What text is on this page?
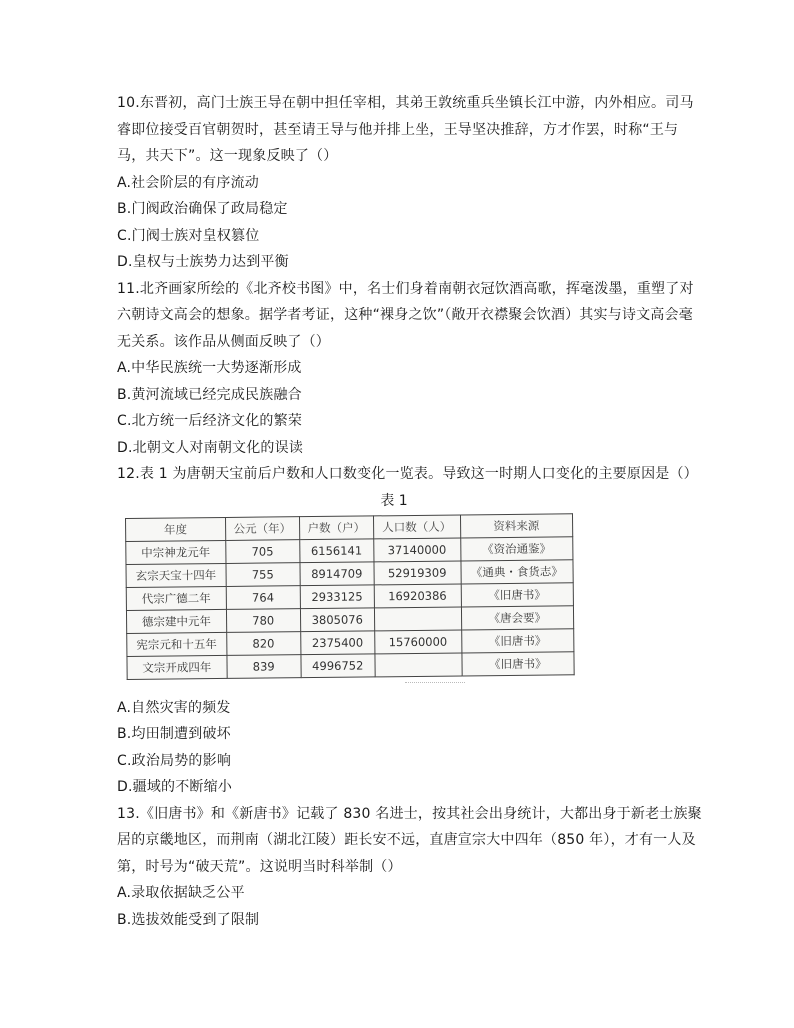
10.东晋初，高门士族王导在朝中担任宰相，其弟王敦统重兵坐镇长江中游，内外相应。司马
睿即位接受百官朝贺时，甚至请王导与他并排上坐，王导坚决推辞，方才作罢，时称“王与
马，共天下”。这一现象反映了（）
A.社会阶层的有序流动
B.门阀政治确保了政局稳定
C.门阀士族对皇权篡位
D.皇权与士族势力达到平衡
11.北齐画家所绘的《北齐校书图》中，名士们身着南朝衣冠饮酒高歌，挥毫泼墨，重塑了对
六朝诗文高会的想象。据学者考证，这种“裸身之饮”（敞开衣襟聚会饮酒）其实与诗文高会毫
无关系。该作品从侧面反映了（）
A.中华民族统一大势逐渐形成
B.黄河流域已经完成民族融合
C.北方统一后经济文化的繁荣
D.北朝文人对南朝文化的误读
12.表 1 为唐朝天宝前后户数和人口数变化一览表。导致这一时期人口变化的主要原因是（）
表 1
年度	公元（年）	户数（户）	人口数（人）	资料来源
中宗神龙元年	705	6156141	37140000	《资治通鉴》
玄宗天宝十四年	755	8914709	52919309	《通典・食货志》
代宗广德二年	764	2933125	16920386	《旧唐书》
德宗建中元年	780	3805076		《唐会要》
宪宗元和十五年	820	2375400	15760000	《旧唐书》
文宗开成四年	839	4996752		《旧唐书》
A.自然灾害的频发
B.均田制遭到破坏
C.政治局势的影响
D.疆域的不断缩小
13.《旧唐书》和《新唐书》记载了 830 名进士，按其社会出身统计，大都出身于新老士族聚
居的京畿地区，而荆南（湖北江陵）距长安不远，直唐宣宗大中四年（850 年），才有一人及
第，时号为“破天荒”。这说明当时科举制（）
A.录取依据缺乏公平
B.选拔效能受到了限制
